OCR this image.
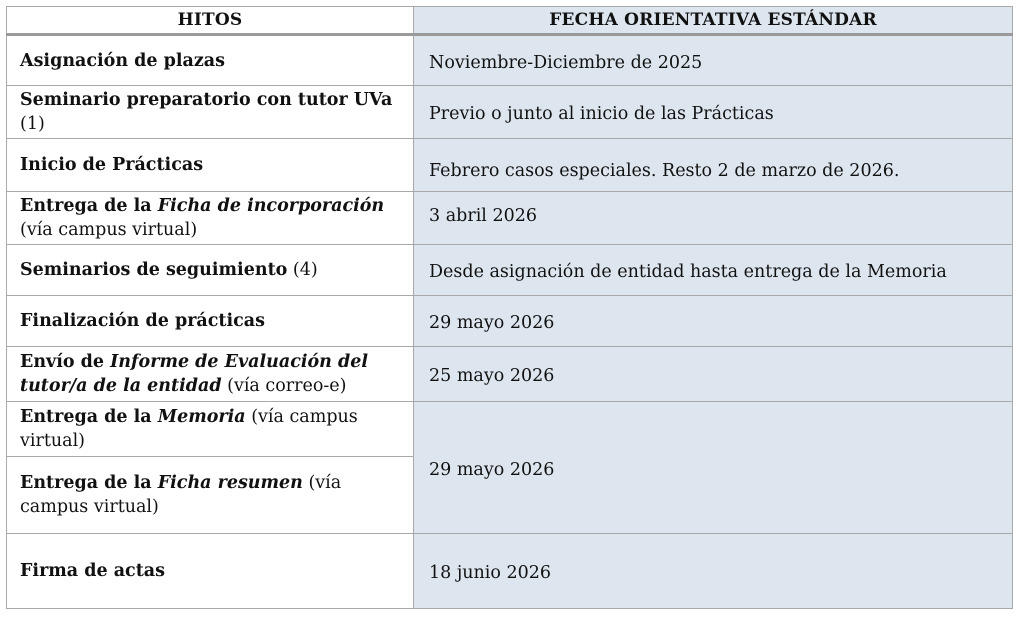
HITOS	FECHA ORIENTATIVA ESTÁNDAR
Asignación de plazas	Noviembre-Diciembre de 2025
Seminario preparatorio con tutor UVa (1)	Previo o junto al inicio de las Prácticas
Inicio de Prácticas	Febrero casos especiales. Resto 2 de marzo de 2026.
Entrega de la Ficha de incorporación (vía campus virtual)	3 abril 2026
Seminarios de seguimiento (4)	Desde asignación de entidad hasta entrega de la Memoria
Finalización de prácticas	29 mayo 2026
Envío de Informe de Evaluación del tutor/a de la entidad (vía correo-e)	25 mayo 2026
Entrega de la Memoria (vía campus virtual)	29 mayo 2026
Entrega de la Ficha resumen (vía campus virtual)	
Firma de actas	18 junio 2026
